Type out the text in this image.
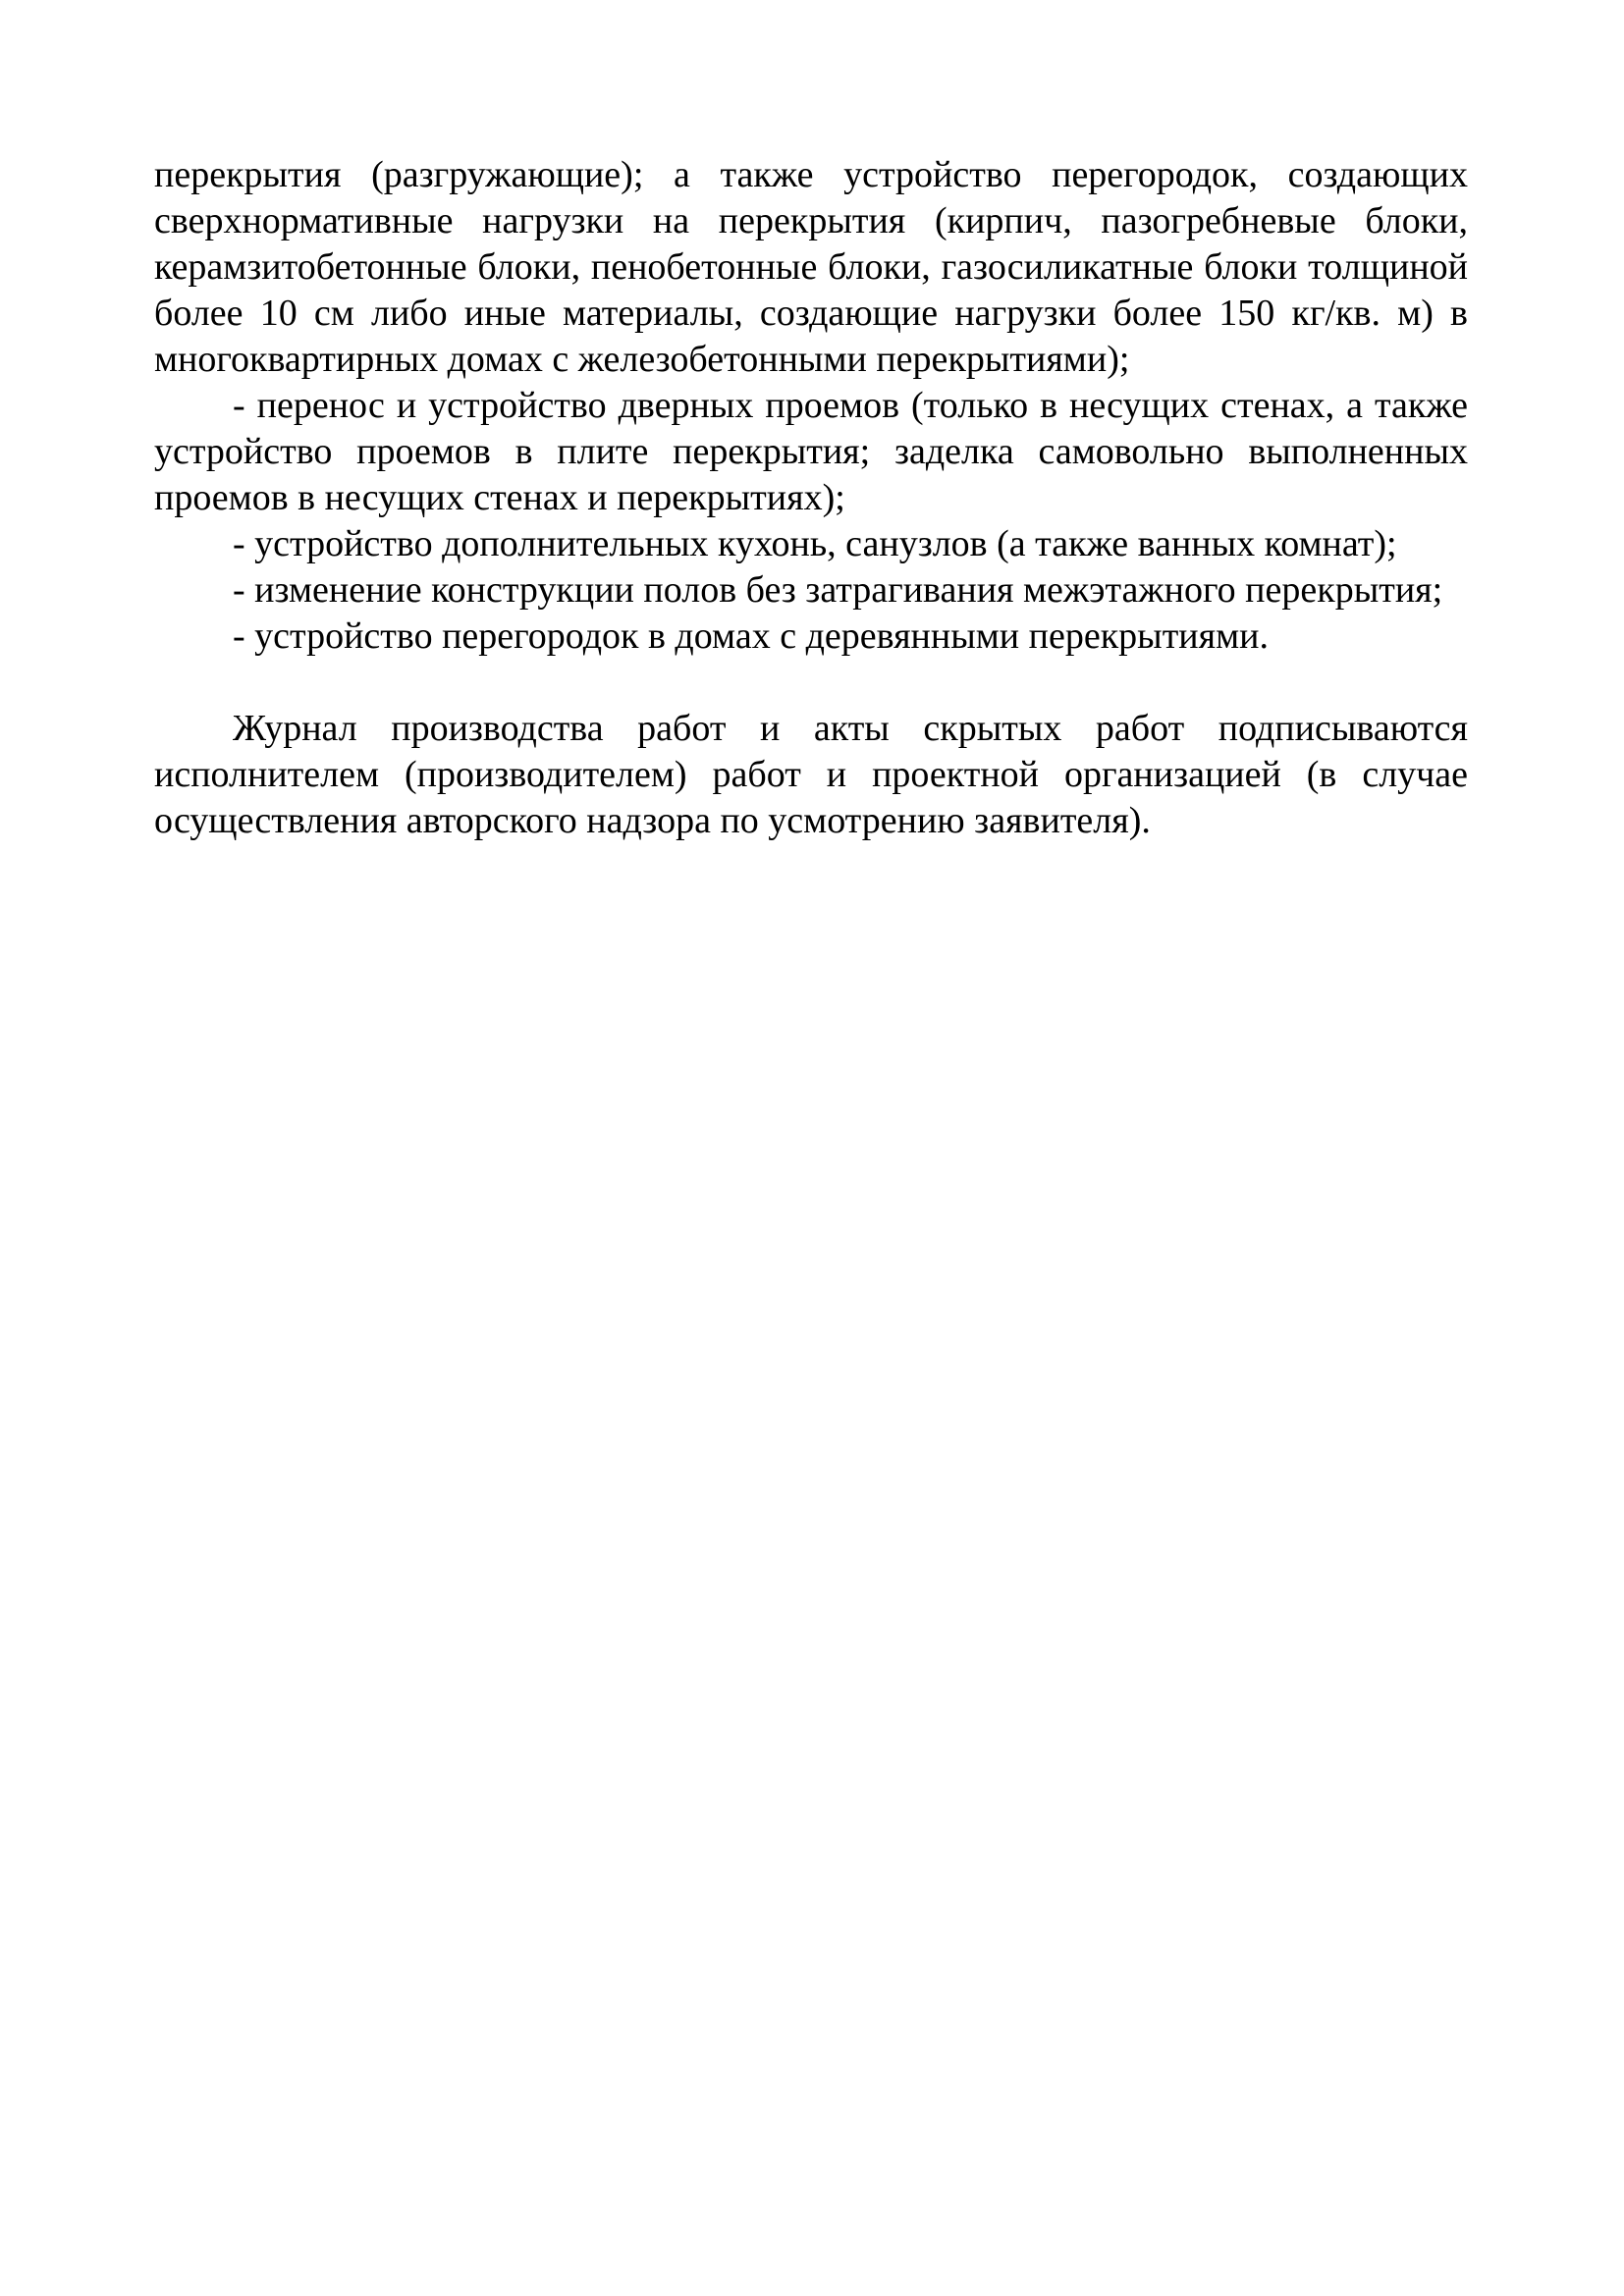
перекрытия (разгружающие); а также устройство перегородок, создающих
сверхнормативные нагрузки на перекрытия (кирпич, пазогребневые блоки,
керамзитобетонные блоки, пенобетонные блоки, газосиликатные блоки толщиной
более 10 см либо иные материалы, создающие нагрузки более 150 кг/кв. м) в
многоквартирных домах с железобетонными перекрытиями);

- перенос и устройство дверных проемов (только в несущих стенах, а также
устройство проемов в плите перекрытия; заделка самовольно выполненных
проемов в несущих стенах и перекрытиях);

- устройство дополнительных кухонь, санузлов (а также ванных комнат);

- изменение конструкции полов без затрагивания межэтажного перекрытия;

- устройство перегородок в домах с деревянными перекрытиями.

Журнал производства работ и акты скрытых работ подписываются
исполнителем (производителем) работ и проектной организацией (в случае
осуществления авторского надзора по усмотрению заявителя).
